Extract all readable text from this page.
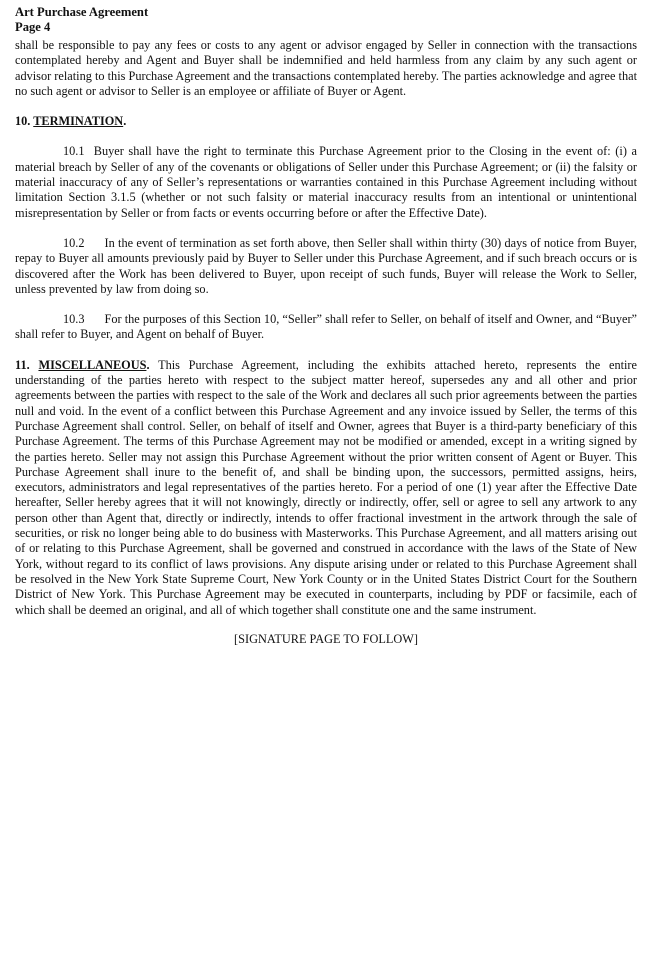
Art Purchase Agreement
Page 4

shall be responsible to pay any fees or costs to any agent or advisor engaged by Seller in connection with the transactions contemplated hereby and Agent and Buyer shall be indemnified and held harmless from any claim by any such agent or advisor relating to this Purchase Agreement and the transactions contemplated hereby. The parties acknowledge and agree that no such agent or advisor to Seller is an employee or affiliate of Buyer or Agent.

10. TERMINATION.

10.1 Buyer shall have the right to terminate this Purchase Agreement prior to the Closing in the event of: (i) a material breach by Seller of any of the covenants or obligations of Seller under this Purchase Agreement; or (ii) the falsity or material inaccuracy of any of Seller’s representations or warranties contained in this Purchase Agreement including without limitation Section 3.1.5 (whether or not such falsity or material inaccuracy results from an intentional or unintentional misrepresentation by Seller or from facts or events occurring before or after the Effective Date).

10.2 In the event of termination as set forth above, then Seller shall within thirty (30) days of notice from Buyer, repay to Buyer all amounts previously paid by Buyer to Seller under this Purchase Agreement, and if such breach occurs or is discovered after the Work has been delivered to Buyer, upon receipt of such funds, Buyer will release the Work to Seller, unless prevented by law from doing so.

10.3 For the purposes of this Section 10, “Seller” shall refer to Seller, on behalf of itself and Owner, and “Buyer” shall refer to Buyer, and Agent on behalf of Buyer.

11. MISCELLANEOUS. This Purchase Agreement, including the exhibits attached hereto, represents the entire understanding of the parties hereto with respect to the subject matter hereof, supersedes any and all other and prior agreements between the parties with respect to the sale of the Work and declares all such prior agreements between the parties null and void. In the event of a conflict between this Purchase Agreement and any invoice issued by Seller, the terms of this Purchase Agreement shall control. Seller, on behalf of itself and Owner, agrees that Buyer is a third-party beneficiary of this Purchase Agreement. The terms of this Purchase Agreement may not be modified or amended, except in a writing signed by the parties hereto. Seller may not assign this Purchase Agreement without the prior written consent of Agent or Buyer. This Purchase Agreement shall inure to the benefit of, and shall be binding upon, the successors, permitted assigns, heirs, executors, administrators and legal representatives of the parties hereto. For a period of one (1) year after the Effective Date hereafter, Seller hereby agrees that it will not knowingly, directly or indirectly, offer, sell or agree to sell any artwork to any person other than Agent that, directly or indirectly, intends to offer fractional investment in the artwork through the sale of securities, or risk no longer being able to do business with Masterworks. This Purchase Agreement, and all matters arising out of or relating to this Purchase Agreement, shall be governed and construed in accordance with the laws of the State of New York, without regard to its conflict of laws provisions. Any dispute arising under or related to this Purchase Agreement shall be resolved in the New York State Supreme Court, New York County or in the United States District Court for the Southern District of New York. This Purchase Agreement may be executed in counterparts, including by PDF or facsimile, each of which shall be deemed an original, and all of which together shall constitute one and the same instrument.

[SIGNATURE PAGE TO FOLLOW]
